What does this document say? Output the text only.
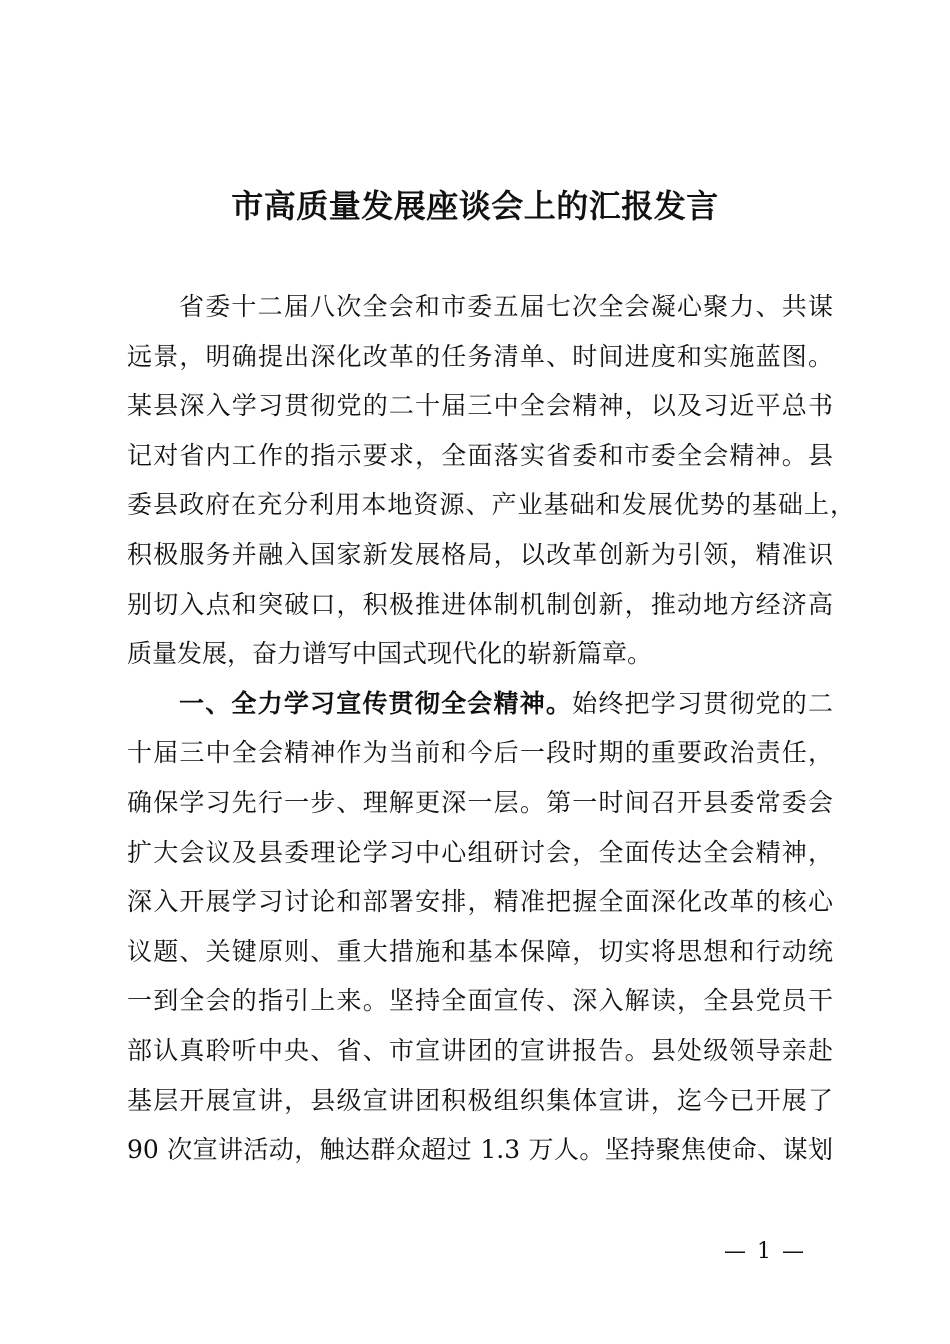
市高质量发展座谈会上的汇报发言
省委十二届八次全会和市委五届七次全会凝心聚力、共谋
远景，明确提出深化改革的任务清单、时间进度和实施蓝图。
某县深入学习贯彻党的二十届三中全会精神，以及习近平总书
记对省内工作的指示要求，全面落实省委和市委全会精神。县
委县政府在充分利用本地资源、产业基础和发展优势的基础上，
积极服务并融入国家新发展格局，以改革创新为引领，精准识
别切入点和突破口，积极推进体制机制创新，推动地方经济高
质量发展，奋力谱写中国式现代化的崭新篇章。
一、全力学习宣传贯彻全会精神。始终把学习贯彻党的二
十届三中全会精神作为当前和今后一段时期的重要政治责任，
确保学习先行一步、理解更深一层。第一时间召开县委常委会
扩大会议及县委理论学习中心组研讨会，全面传达全会精神，
深入开展学习讨论和部署安排，精准把握全面深化改革的核心
议题、关键原则、重大措施和基本保障，切实将思想和行动统
一到全会的指引上来。坚持全面宣传、深入解读，全县党员干
部认真聆听中央、省、市宣讲团的宣讲报告。县处级领导亲赴
基层开展宣讲，县级宣讲团积极组织集体宣讲，迄今已开展了
90 次宣讲活动，触达群众超过 1.3 万人。坚持聚焦使命、谋划
— 1 —
